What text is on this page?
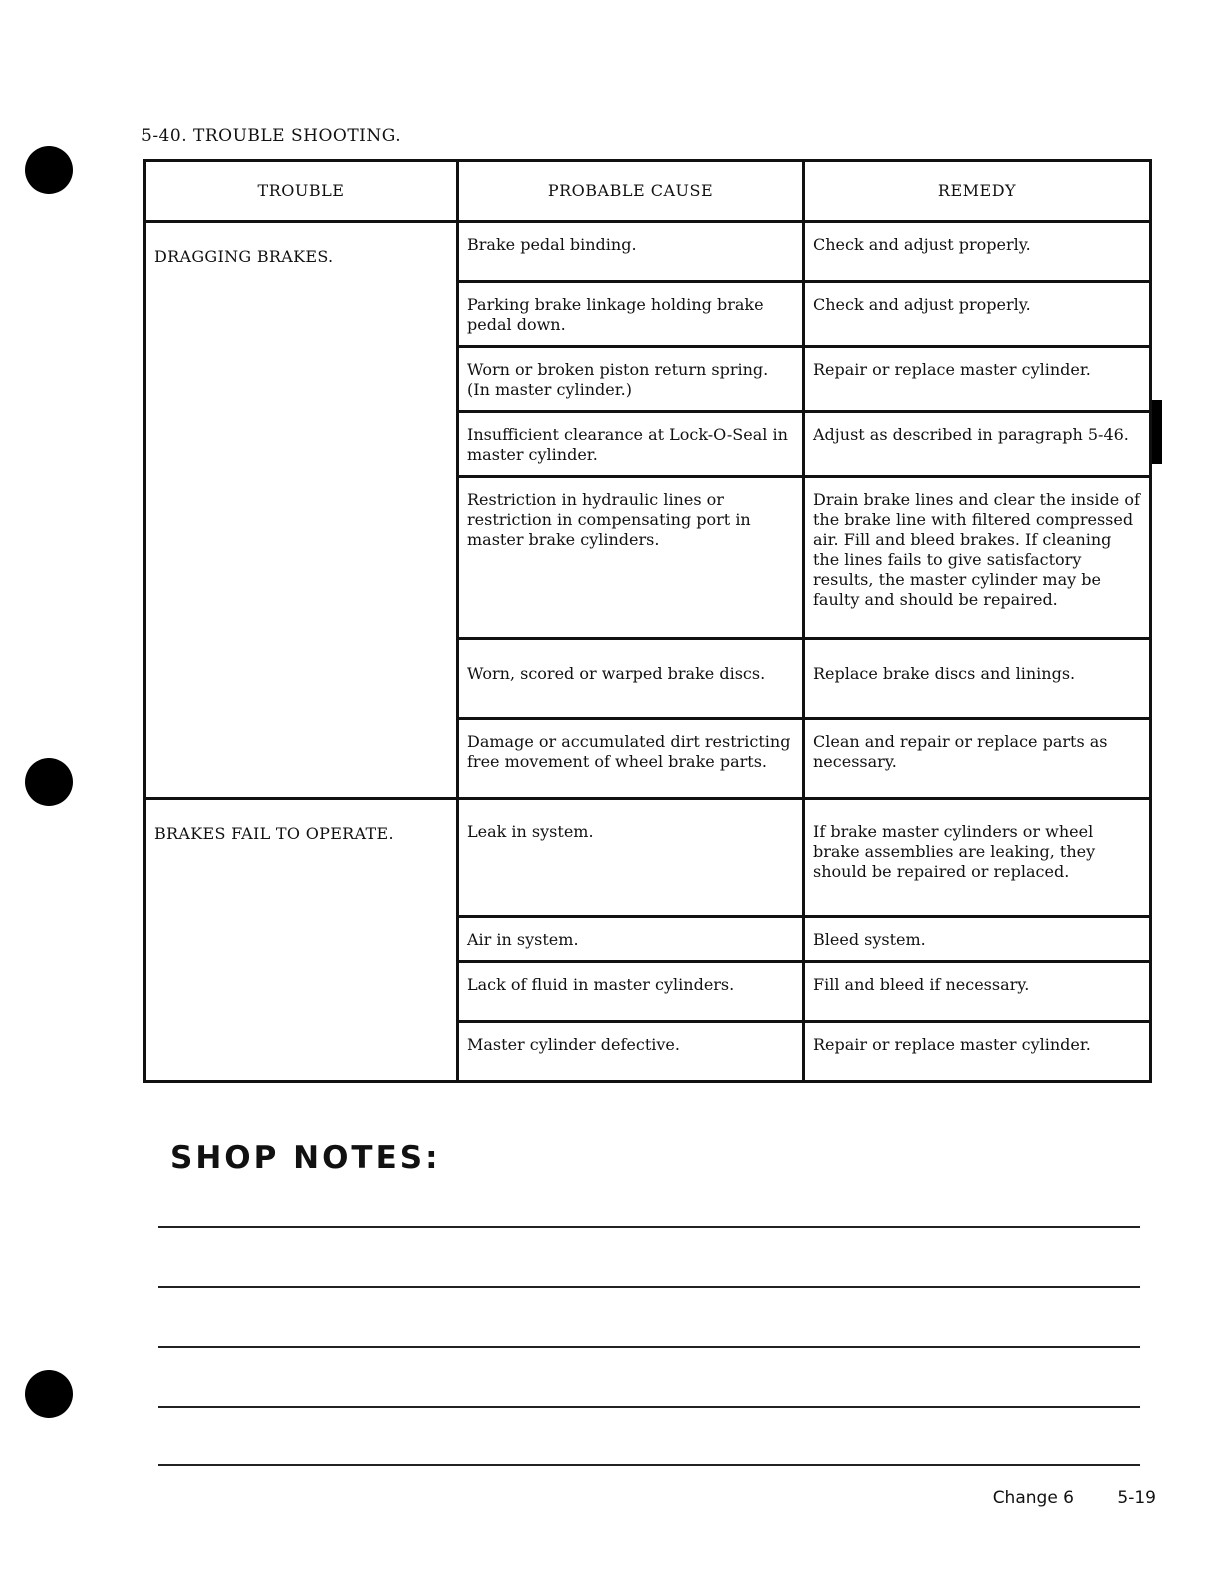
5-40. TROUBLE SHOOTING.
TROUBLE	PROBABLE CAUSE	REMEDY
DRAGGING BRAKES.	Brake pedal binding.	Check and adjust properly.
	Parking brake linkage holding brake pedal down.	Check and adjust properly.
	Worn or broken piston return spring. (In master cylinder.)	Repair or replace master cylinder.
	Insufficient clearance at Lock-O-Seal in master cylinder.	Adjust as described in paragraph 5-46.
	Restriction in hydraulic lines or restriction in compensating port in master brake cylinders.	Drain brake lines and clear the inside of the brake line with filtered compressed air. Fill and bleed brakes. If cleaning the lines fails to give satisfactory results, the master cylinder may be faulty and should be repaired.
	Worn, scored or warped brake discs.	Replace brake discs and linings.
	Damage or accumulated dirt restricting free movement of wheel brake parts.	Clean and repair or replace parts as necessary.
BRAKES FAIL TO OPERATE.	Leak in system.	If brake master cylinders or wheel brake assemblies are leaking, they should be repaired or replaced.
	Air in system.	Bleed system.
	Lack of fluid in master cylinders.	Fill and bleed if necessary.
	Master cylinder defective.	Repair or replace master cylinder.
SHOP NOTES:
Change 6	5-19
